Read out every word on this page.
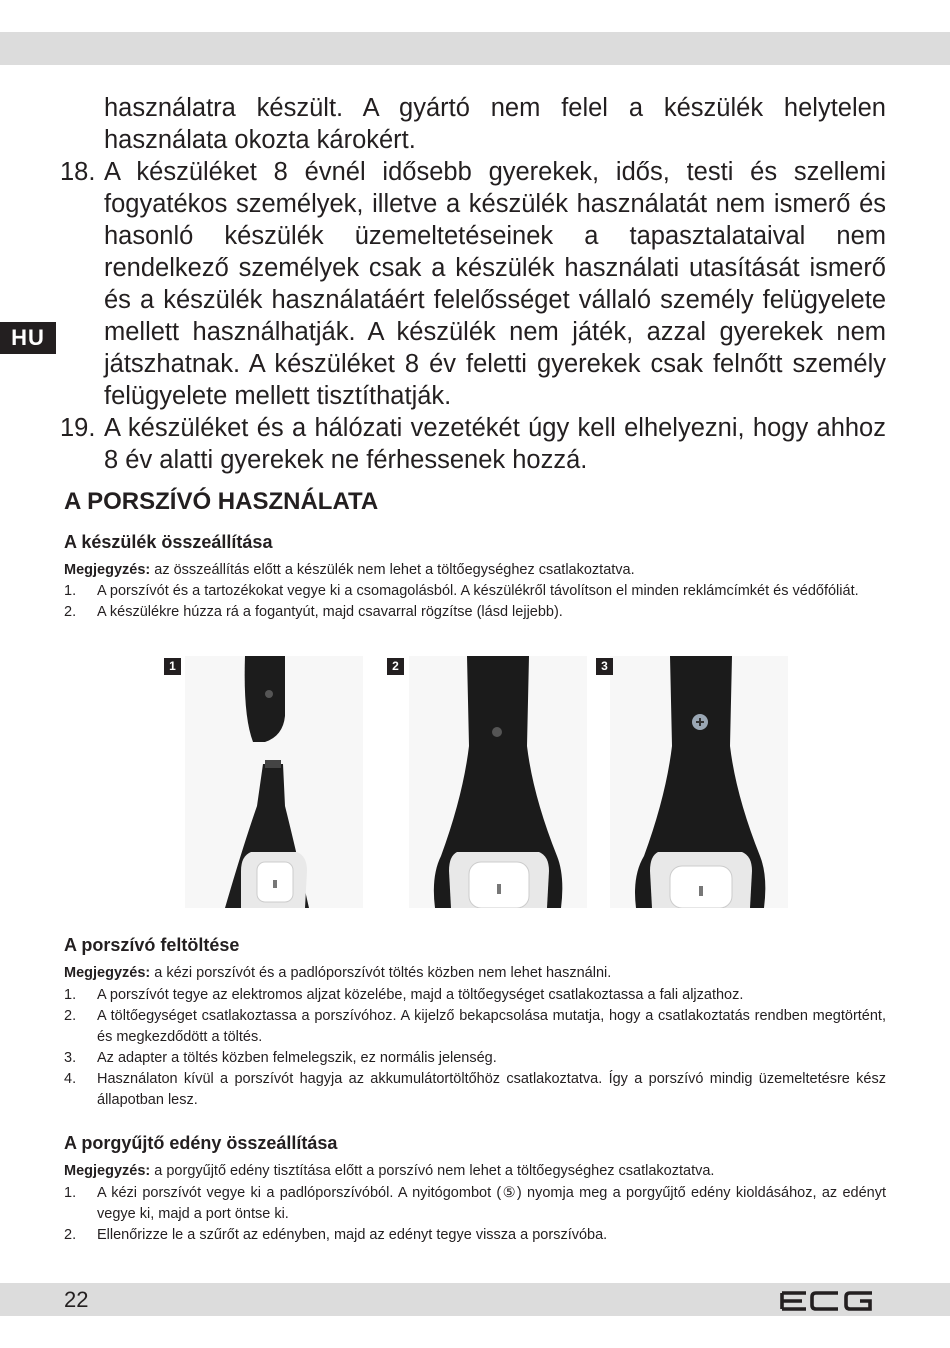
HU
használatra készült. A gyártó nem felel a készülék helytelen használata okozta károkért.
18. A készüléket 8 évnél idősebb gyerekek, idős, testi és szellemi fogyatékos személyek, illetve a készülék használatát nem ismerő és hasonló készülék üzemeltetéseinek a tapasztalataival nem rendelkező személyek csak a készülék használati utasítását ismerő és a készülék használatáért felelősséget vállaló személy felügyelete mellett használhatják. A készülék nem játék, azzal gyerekek nem játszhatnak. A készüléket 8 év feletti gyerekek csak felnőtt személy felügyelete mellett tisztíthatják.
19. A készüléket és a hálózati vezetékét úgy kell elhelyezni, hogy ahhoz 8 év alatti gyerekek ne férhessenek hozzá.
A PORSZÍVÓ HASZNÁLATA
A készülék összeállítása

Megjegyzés: az összeállítás előtt a készülék nem lehet a töltőegységhez csatlakoztatva.

1. A porszívót és a tartozékokat vegye ki a csomagolásból. A készülékről távolítson el minden reklámcímkét és védőfóliát.
2. A készülékre húzza rá a fogantyút, majd csavarral rögzítse (lásd lejjebb).
1	2	3
A porszívó feltöltése

Megjegyzés: a kézi porszívót és a padlóporszívót töltés közben nem lehet használni.

1. A porszívót tegye az elektromos aljzat közelébe, majd a töltőegységet csatlakoztassa a fali aljzathoz.
2. A töltőegységet csatlakoztassa a porszívóhoz. A kijelző bekapcsolása mutatja, hogy a csatlakoztatás rendben megtörtént, és megkezdődött a töltés.
3. Az adapter a töltés közben felmelegszik, ez normális jelenség.
4. Használaton kívül a porszívót hagyja az akkumulátortöltőhöz csatlakoztatva. Így a porszívó mindig üzemeltetésre kész állapotban lesz.
A porgyűjtő edény összeállítása

Megjegyzés: a porgyűjtő edény tisztítása előtt a porszívó nem lehet a töltőegységhez csatlakoztatva.

1. A kézi porszívót vegye ki a padlóporszívóból. A nyitógombot (⑤) nyomja meg a porgyűjtő edény kioldásához, az edényt vegye ki, majd a port öntse ki.
2. Ellenőrizze le a szűrőt az edényben, majd az edényt tegye vissza a porszívóba.
22
